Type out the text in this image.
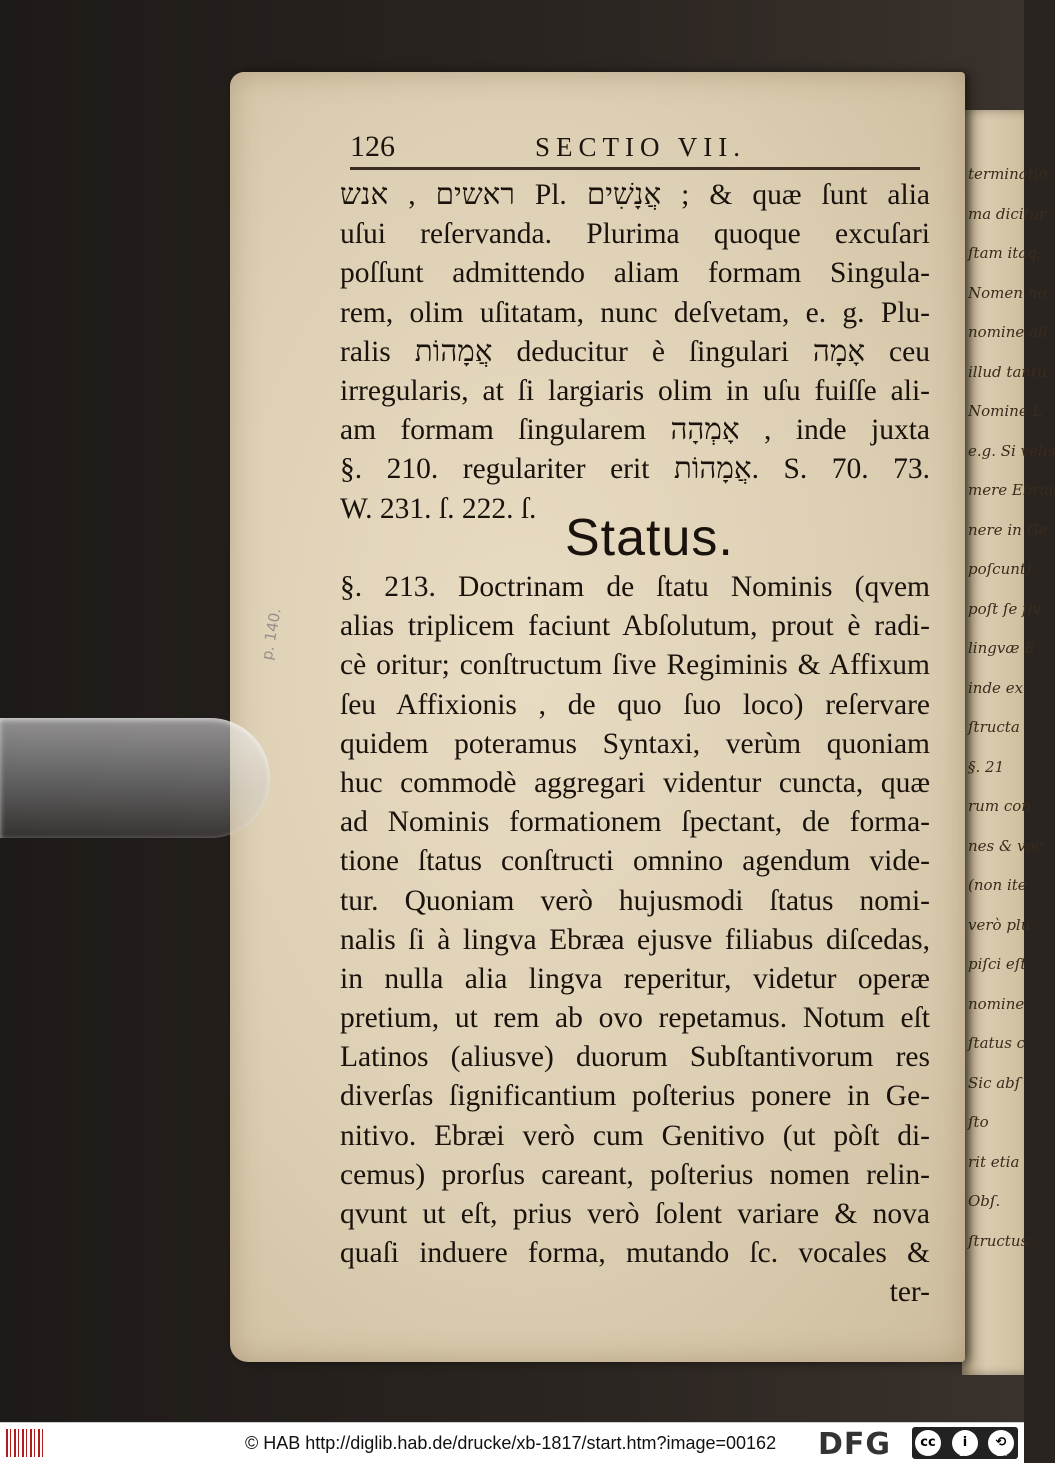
terminatio
ma dicitur
ſtam itaq;
Nomen no
nomine ali
illud tantu
Nomine L
e.g. Si velis
mere Ebrai
nere in Ge
poſcunt)
poſt ſe ſiv
lingvæ E
inde ex
ſtructa
§. 21
rum con
nes & voc
(non ite
verò plu
piſci eſt
nomine
ſtatus c
Sic abſ
ſto
rit etia
Obſ.
ſtructus
p. 140.
126	SECTIO VII.
ראשים , אנש Pl. אֲנָשִׁים ; & quæ ſunt alia
uſui reſervanda. Plurima quoque excuſari
poſſunt admittendo aliam formam Singula-
rem, olim uſitatam, nunc deſvetam, e. g. Plu-
ralis אֲמָהוֹת deducitur è ſingulari אָמָה ceu
irregularis, at ſi largiaris olim in uſu fuiſſe ali-
am formam ſingularem אָמְהָה , inde juxta
§. 210. regulariter erit אֲמָהוֹת. S. 70. 73.
W. 231. ſ. 222. ſ.
Status.
§. 213. Doctrinam de ſtatu Nominis (qvem
alias triplicem faciunt Abſolutum, prout è radi-
cè oritur; conſtructum ſive Regiminis & Affixum
ſeu Affixionis , de quo ſuo loco) reſervare
quidem poteramus Syntaxi, verùm quoniam
huc commodè aggregari videntur cuncta, quæ
ad Nominis formationem ſpectant, de forma-
tione ſtatus conſtructi omnino agendum vide-
tur. Quoniam verò hujusmodi ſtatus nomi-
nalis ſi à lingva Ebræa ejusve filiabus diſcedas,
in nulla alia lingva reperitur, videtur operæ
pretium, ut rem ab ovo repetamus. Notum eſt
Latinos (aliusve) duorum Subſtantivorum res
diverſas ſignificantium poſterius ponere in Ge-
nitivo. Ebræi verò cum Genitivo (ut pòſt di-
cemus) prorſus careant, poſterius nomen relin-
qvunt ut eſt, prius verò ſolent variare & nova
quaſi induere forma, mutando ſc. vocales &
ter-
© HAB http://diglib.hab.de/drucke/xb-1817/start.htm?image=00162 DFG	cc	i	⟲
BY	SA
